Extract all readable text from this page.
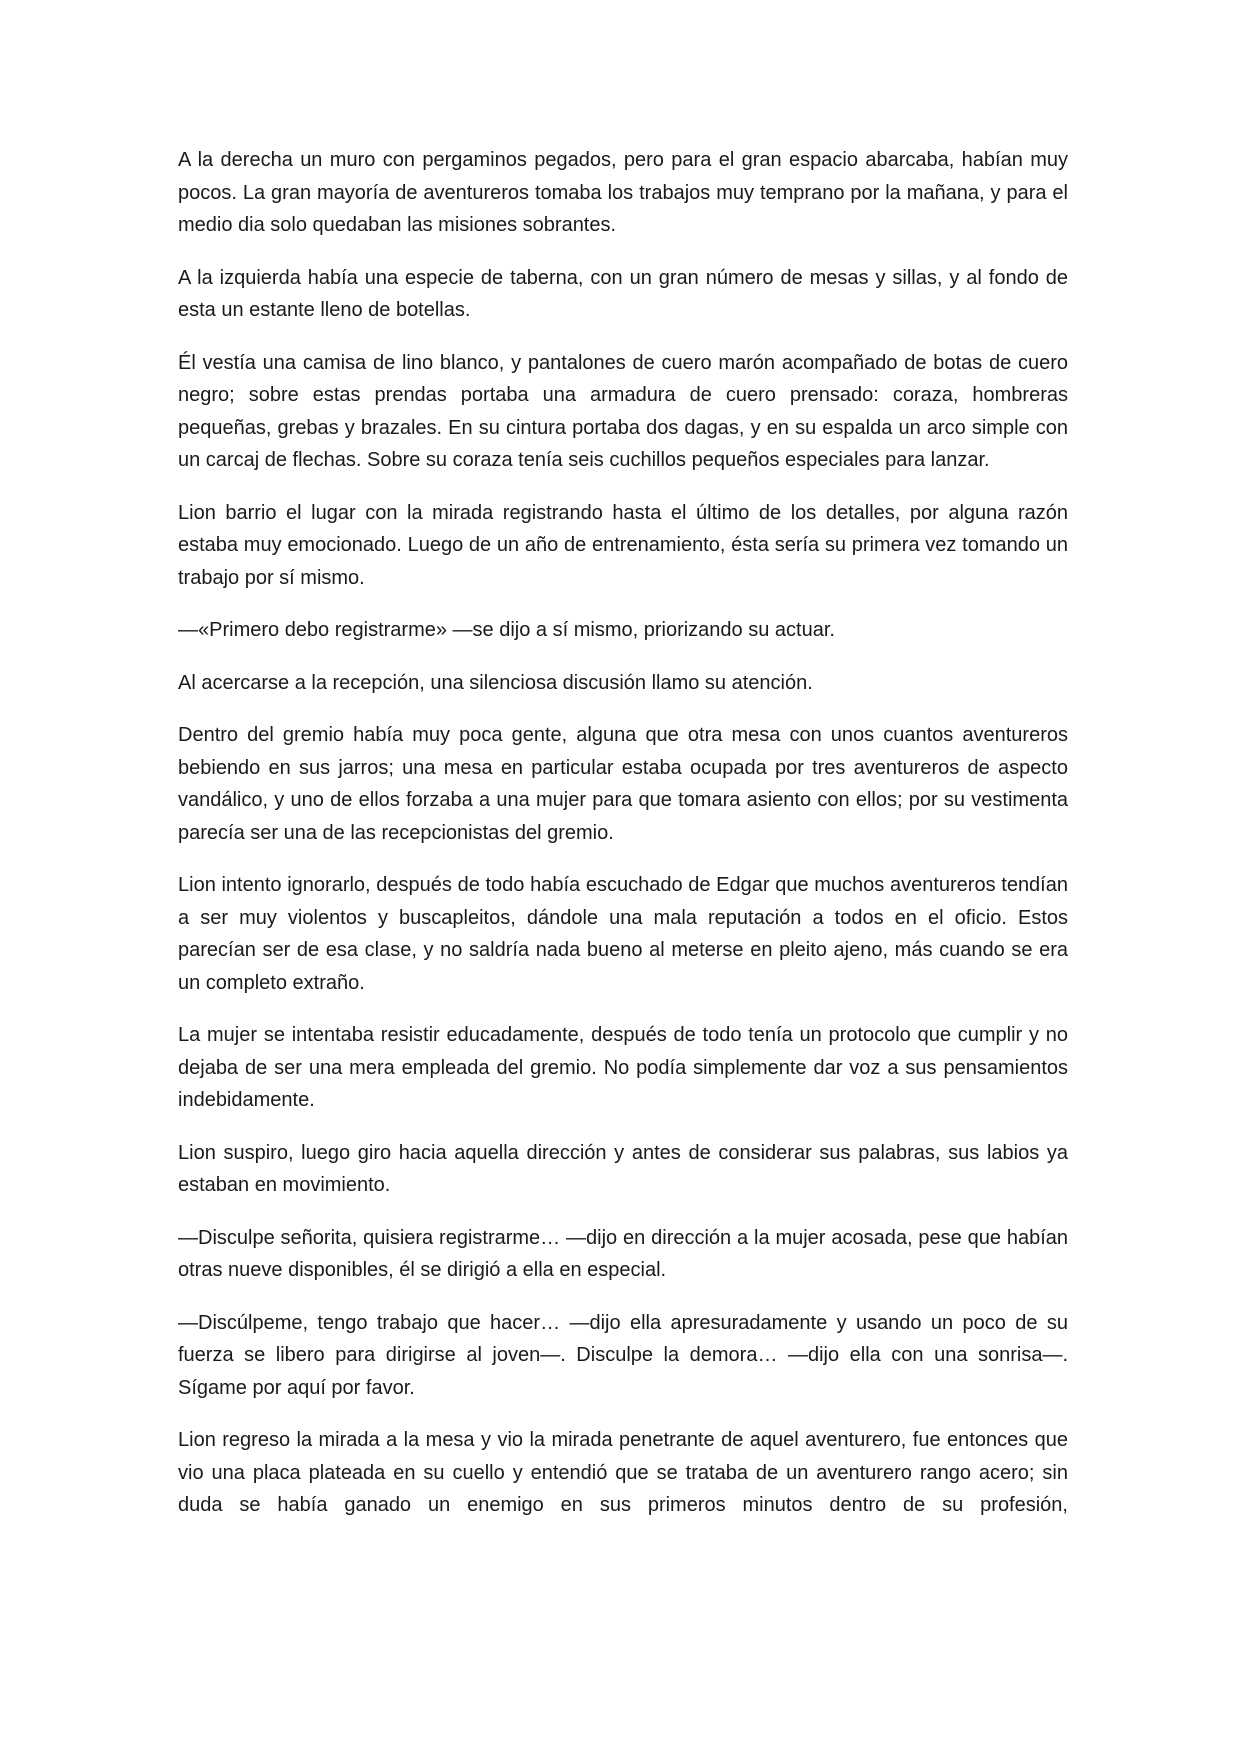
A la derecha un muro con pergaminos pegados, pero para el gran espacio abarcaba, habían muy pocos. La gran mayoría de aventureros tomaba los trabajos muy temprano por la mañana, y para el medio dia solo quedaban las misiones sobrantes.

A la izquierda había una especie de taberna, con un gran número de mesas y sillas, y al fondo de esta un estante lleno de botellas.

Él vestía una camisa de lino blanco, y pantalones de cuero marón acompañado de botas de cuero negro; sobre estas prendas portaba una armadura de cuero prensado: coraza, hombreras pequeñas, grebas y brazales. En su cintura portaba dos dagas, y en su espalda un arco simple con un carcaj de flechas. Sobre su coraza tenía seis cuchillos pequeños especiales para lanzar.

Lion barrio el lugar con la mirada registrando hasta el último de los detalles, por alguna razón estaba muy emocionado. Luego de un año de entrenamiento, ésta sería su primera vez tomando un trabajo por sí mismo.

—«Primero debo registrarme» —se dijo a sí mismo, priorizando su actuar.

Al acercarse a la recepción, una silenciosa discusión llamo su atención.

Dentro del gremio había muy poca gente, alguna que otra mesa con unos cuantos aventureros bebiendo en sus jarros; una mesa en particular estaba ocupada por tres aventureros de aspecto vandálico, y uno de ellos forzaba a una mujer para que tomara asiento con ellos; por su vestimenta parecía ser una de las recepcionistas del gremio.

Lion intento ignorarlo, después de todo había escuchado de Edgar que muchos aventureros tendían a ser muy violentos y buscapleitos, dándole una mala reputación a todos en el oficio. Estos parecían ser de esa clase, y no saldría nada bueno al meterse en pleito ajeno, más cuando se era un completo extraño.

La mujer se intentaba resistir educadamente, después de todo tenía un protocolo que cumplir y no dejaba de ser una mera empleada del gremio. No podía simplemente dar voz a sus pensamientos indebidamente.

Lion suspiro, luego giro hacia aquella dirección y antes de considerar sus palabras, sus labios ya estaban en movimiento.

—Disculpe señorita, quisiera registrarme… —dijo en dirección a la mujer acosada, pese que habían otras nueve disponibles, él se dirigió a ella en especial.

—Discúlpeme, tengo trabajo que hacer… —dijo ella apresuradamente y usando un poco de su fuerza se libero para dirigirse al joven—. Disculpe la demora… —dijo ella con una sonrisa—. Sígame por aquí por favor.

Lion regreso la mirada a la mesa y vio la mirada penetrante de aquel aventurero, fue entonces que vio una placa plateada en su cuello y entendió que se trataba de un aventurero rango acero; sin duda se había ganado un enemigo en sus primeros minutos dentro de su profesión,
